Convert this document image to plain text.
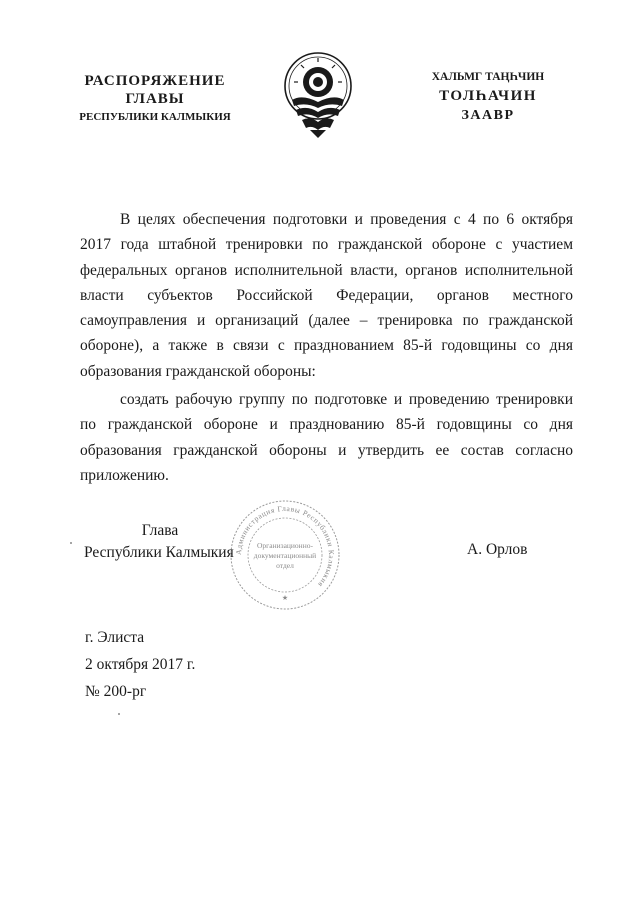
РАСПОРЯЖЕНИЕ
ГЛАВЫ
РЕСПУБЛИКИ КАЛМЫКИЯ
ХАЛЬМГ ТАҢҺЧИН
ТОЛҺАЧИН
ЗААВР

В целях обеспечения подготовки и проведения с 4 по 6 октября 2017 года штабной тренировки по гражданской обороне с участием федеральных органов исполнительной власти, органов исполнительной власти субъектов Российской Федерации, органов местного самоуправления и организаций (далее – тренировка по гражданской обороне), а также в связи с празднованием 85-й годовщины со дня образования гражданской обороны:

создать рабочую группу по подготовке и проведению тренировки по гражданской обороне и празднованию 85-й годовщины со дня образования гражданской обороны и утвердить ее состав согласно приложению.

Глава
Республики Калмыкия Администрация Главы Республики Калмыкия
Организационно-
документационный
отдел
★
А. Орлов
г. Элиста
2 октября 2017 г.
№ 200-рг
